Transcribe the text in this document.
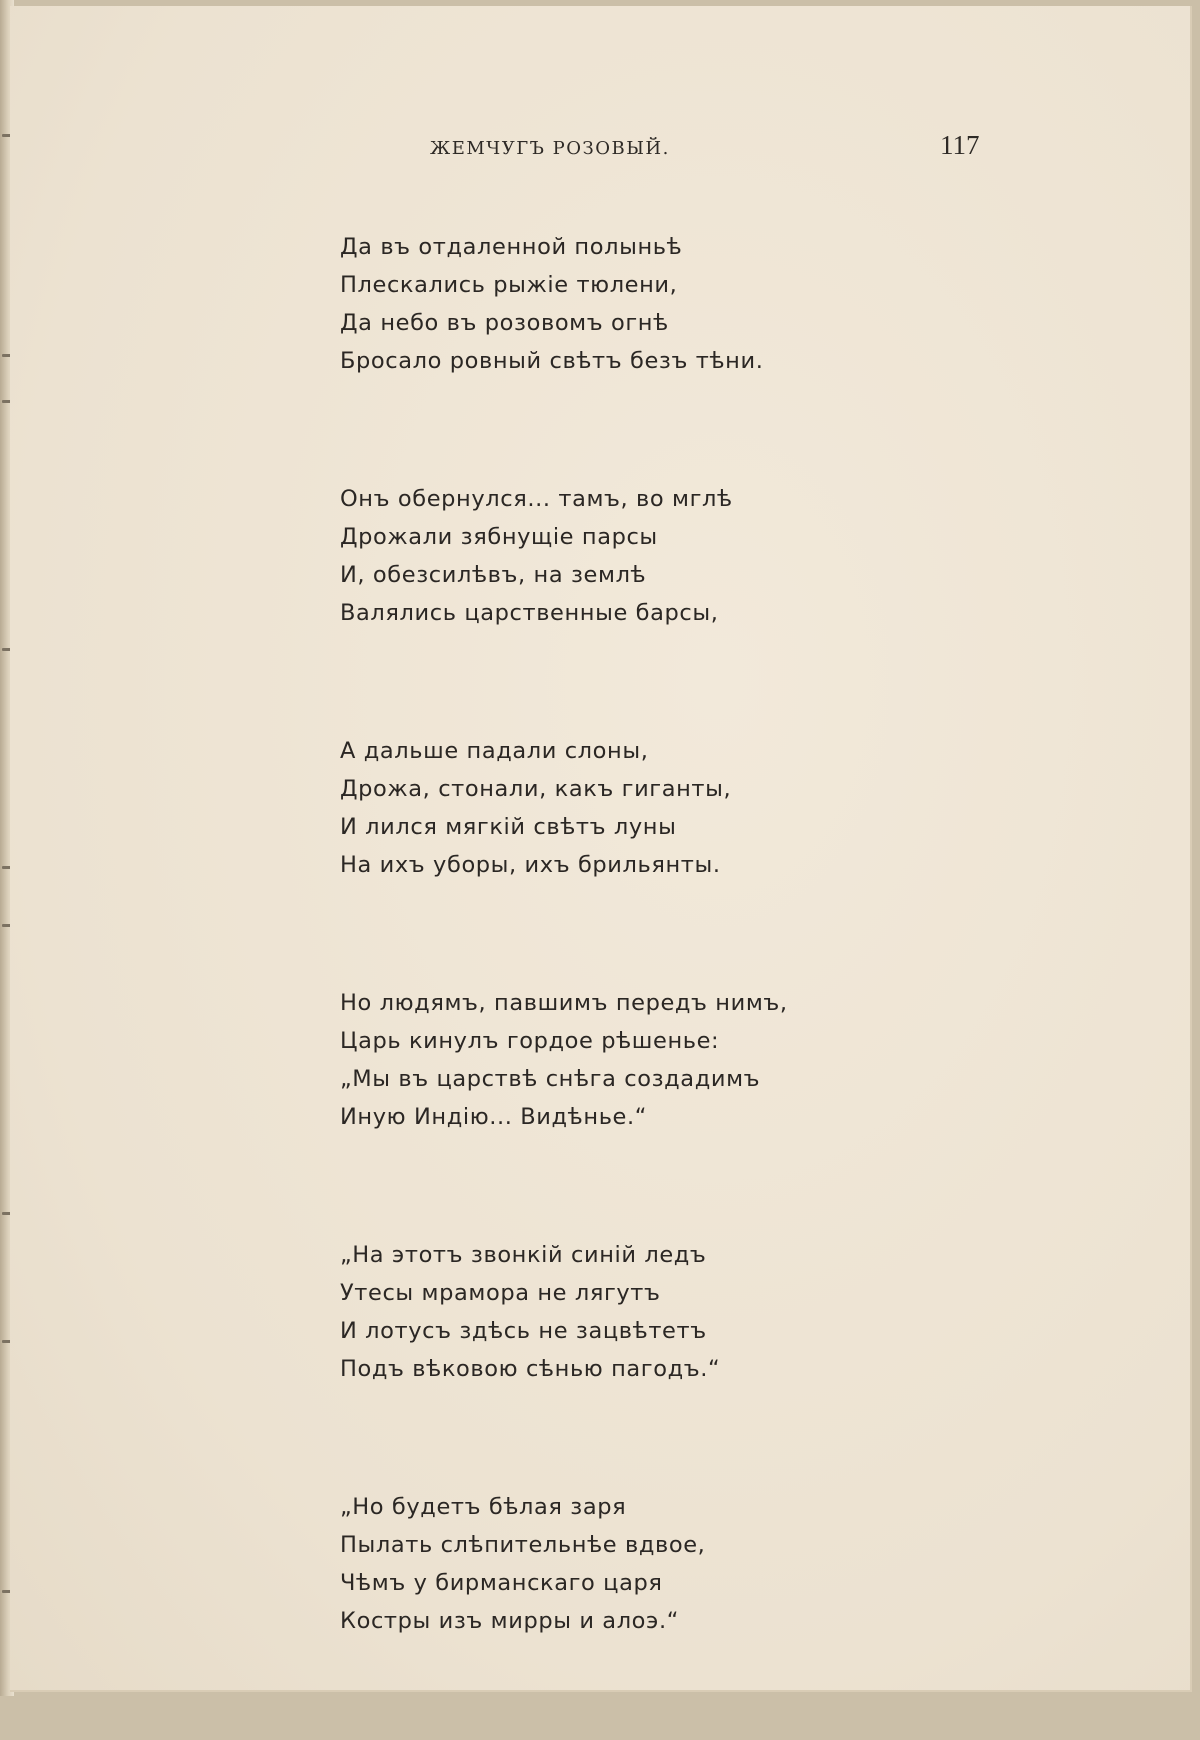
ЖЕМЧУГЪ РОЗОВЫЙ.	117
Да въ отдаленной полыньѣ
Плескались рыжіе тюлени,
Да небо въ розовомъ огнѣ
Бросало ровный свѣтъ безъ тѣни.
Онъ обернулся... тамъ, во мглѣ
Дрожали зябнущіе парсы
И, обезсилѣвъ, на землѣ
Валялись царственные барсы,
А дальше падали слоны,
Дрожа, стонали, какъ гиганты,
И лился мягкій свѣтъ луны
На ихъ уборы, ихъ брильянты.
Но людямъ, павшимъ передъ нимъ,
Царь кинулъ гордое рѣшенье:
„Мы въ царствѣ снѣга создадимъ
Иную Индію... Видѣнье.“
„На этотъ звонкій синій ледъ
Утесы мрамора не лягутъ
И лотусъ здѣсь не зацвѣтетъ
Подъ вѣковою сѣнью пагодъ.“
„Но будетъ бѣлая заря
Пылать слѣпительнѣе вдвое,
Чѣмъ у бирманскаго царя
Костры изъ мирры и алоэ.“
